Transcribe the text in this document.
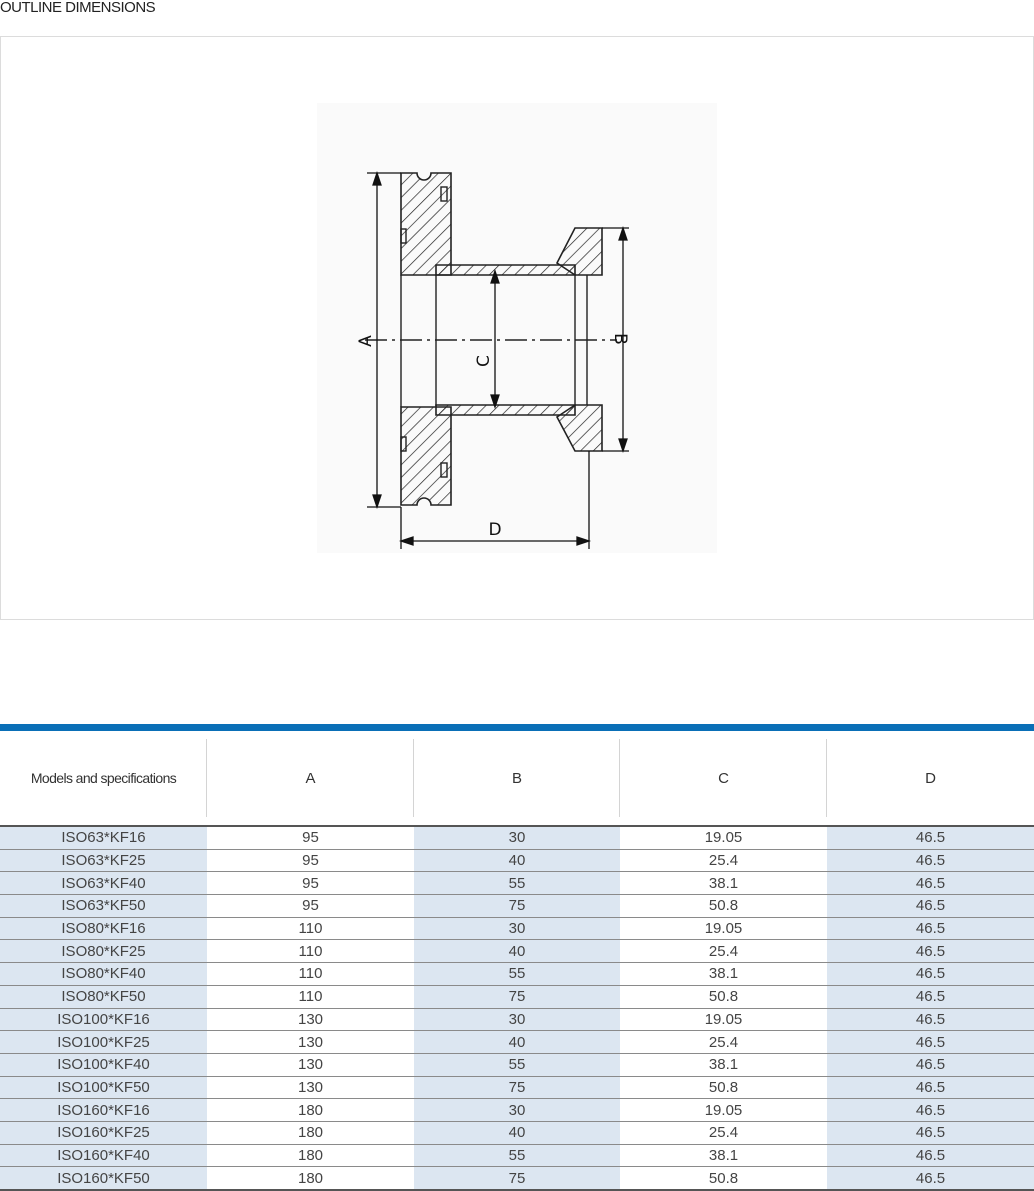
OUTLINE DIMENSIONS
A	B
C
D
Models and specifications	A	B	C	D
ISO63*KF16	95	30	19.05	46.5
ISO63*KF25	95	40	25.4	46.5
ISO63*KF40	95	55	38.1	46.5
ISO63*KF50	95	75	50.8	46.5
ISO80*KF16	110	30	19.05	46.5
ISO80*KF25	110	40	25.4	46.5
ISO80*KF40	110	55	38.1	46.5
ISO80*KF50	110	75	50.8	46.5
ISO100*KF16	130	30	19.05	46.5
ISO100*KF25	130	40	25.4	46.5
ISO100*KF40	130	55	38.1	46.5
ISO100*KF50	130	75	50.8	46.5
ISO160*KF16	180	30	19.05	46.5
ISO160*KF25	180	40	25.4	46.5
ISO160*KF40	180	55	38.1	46.5
ISO160*KF50	180	75	50.8	46.5
